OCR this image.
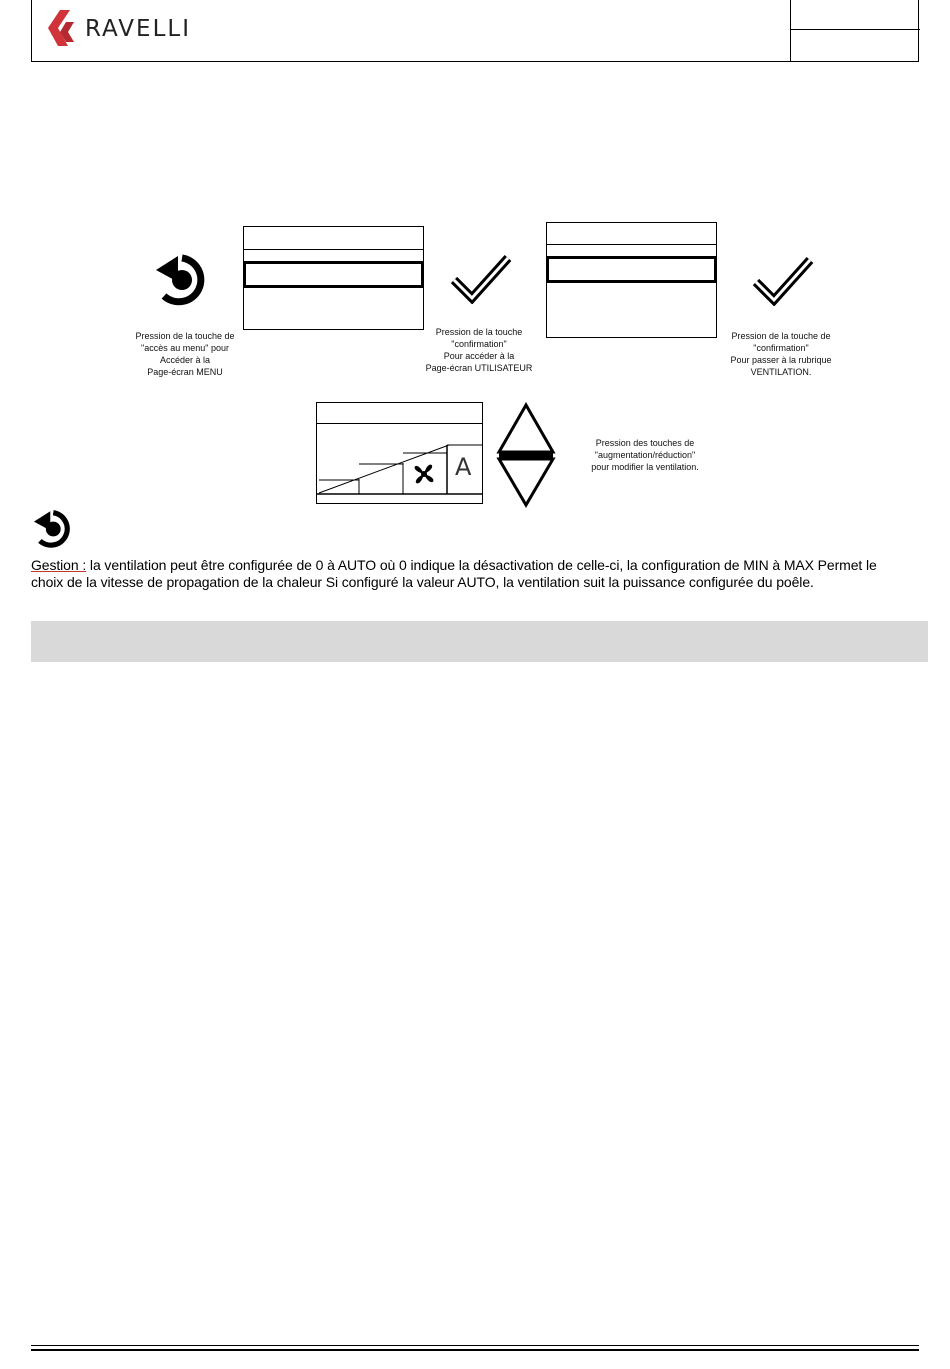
RAVELLI
Pression de la touche de
"accès au menu" pour
Accéder à la
Page-écran MENU
Pression de la touche
"confirmation"
Pour accéder à la
Page-écran UTILISATEUR
Pression de la touche de
"confirmation"
Pour passer à la rubrique
VENTILATION.
A
Pression des touches de
"augmentation/réduction"
pour modifier la ventilation.
Gestion : la ventilation peut être configurée de 0 à AUTO où 0 indique la désactivation de celle-ci, la configuration de MIN à MAX Permet le choix de la vitesse de propagation de la chaleur Si configuré la valeur AUTO, la ventilation suit la puissance configurée du poêle.
